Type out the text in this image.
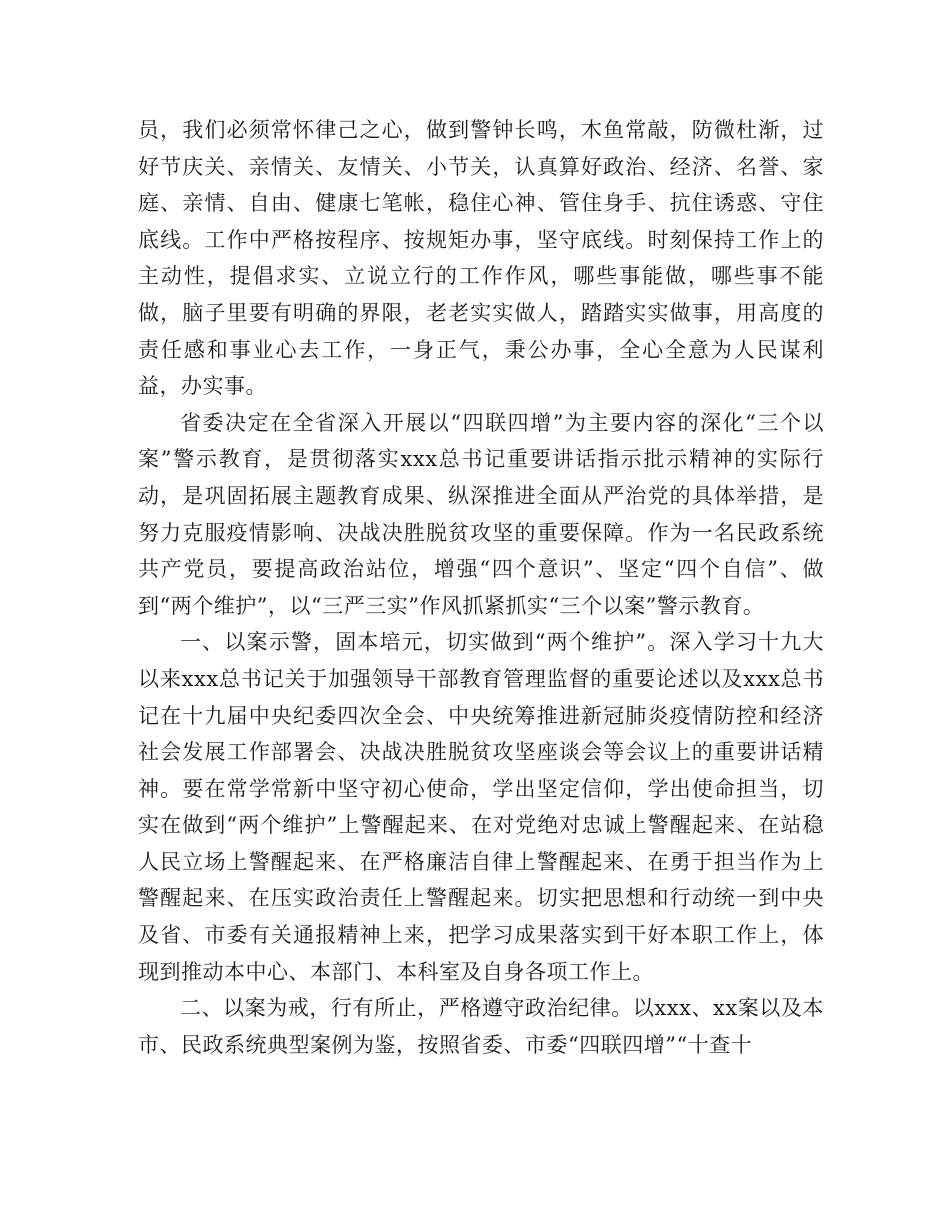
员，我们必须常怀律己之心，做到警钟长鸣，木鱼常敲，防微杜渐，过好节庆关、亲情关、友情关、小节关，认真算好政治、经济、名誉、家庭、亲情、自由、健康七笔帐，稳住心神、管住身手、抗住诱惑、守住底线。工作中严格按程序、按规矩办事，坚守底线。时刻保持工作上的主动性，提倡求实、立说立行的工作作风，哪些事能做，哪些事不能做，脑子里要有明确的界限，老老实实做人，踏踏实实做事，用高度的责任感和事业心去工作，一身正气，秉公办事，全心全意为人民谋利益，办实事。

省委决定在全省深入开展以“四联四增”为主要内容的深化“三个以案”警示教育，是贯彻落实xxx总书记重要讲话指示批示精神的实际行动，是巩固拓展主题教育成果、纵深推进全面从严治党的具体举措，是努力克服疫情影响、决战决胜脱贫攻坚的重要保障。作为一名民政系统共产党员，要提高政治站位，增强“四个意识”、坚定“四个自信”、做到“两个维护”，以“三严三实”作风抓紧抓实“三个以案”警示教育。

一、以案示警，固本培元，切实做到“两个维护”。深入学习十九大以来xxx总书记关于加强领导干部教育管理监督的重要论述以及xxx总书记在十九届中央纪委四次全会、中央统筹推进新冠肺炎疫情防控和经济社会发展工作部署会、决战决胜脱贫攻坚座谈会等会议上的重要讲话精神。要在常学常新中坚守初心使命，学出坚定信仰，学出使命担当，切实在做到“两个维护”上警醒起来、在对党绝对忠诚上警醒起来、在站稳人民立场上警醒起来、在严格廉洁自律上警醒起来、在勇于担当作为上警醒起来、在压实政治责任上警醒起来。切实把思想和行动统一到中央及省、市委有关通报精神上来，把学习成果落实到干好本职工作上，体现到推动本中心、本部门、本科室及自身各项工作上。

二、以案为戒，行有所止，严格遵守政治纪律。以xxx、xx案以及本市、民政系统典型案例为鉴，按照省委、市委“四联四增”“十查十
